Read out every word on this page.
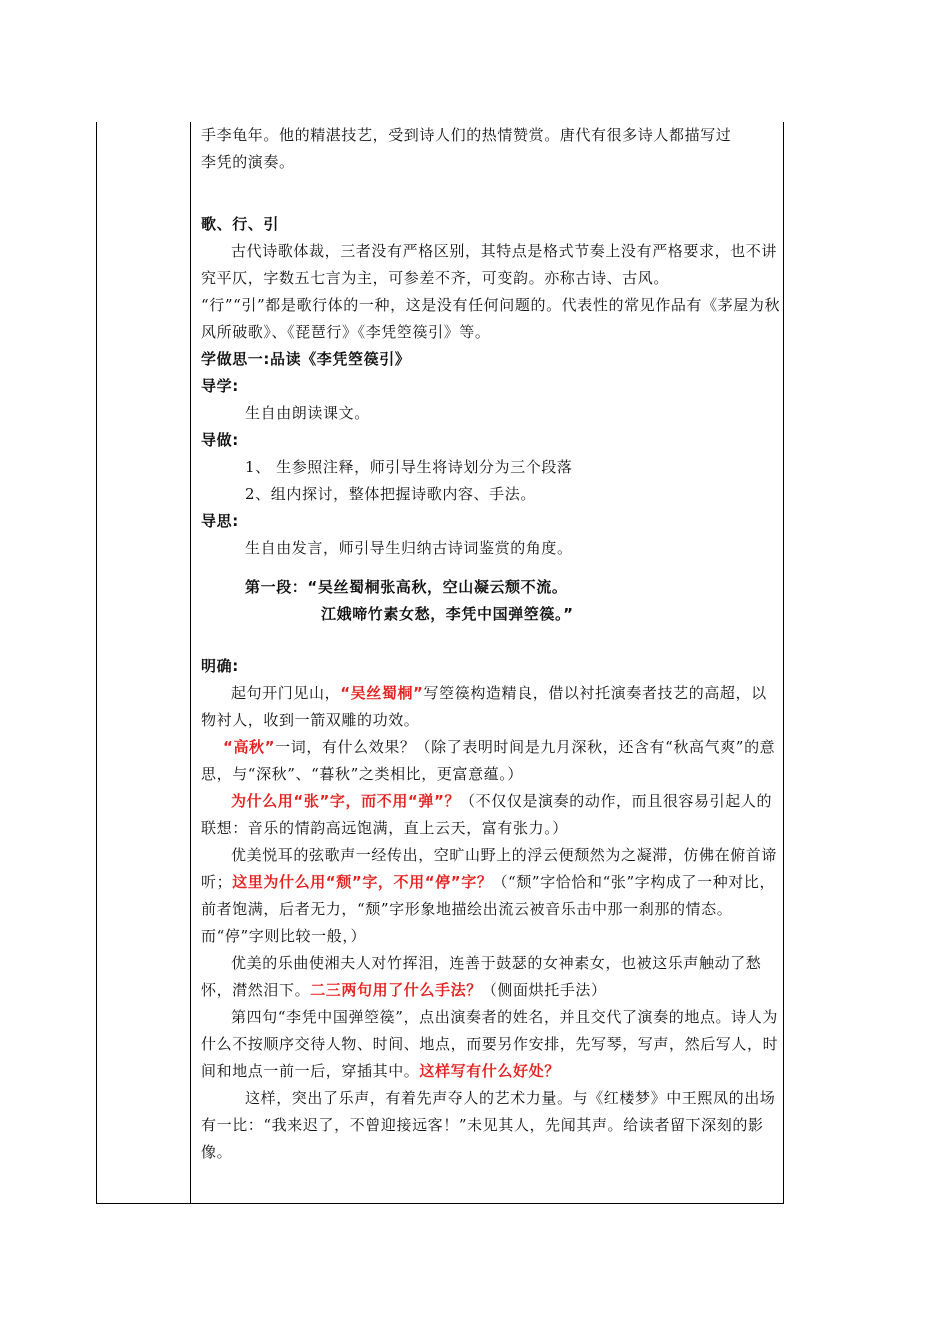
手李龟年。他的精湛技艺，受到诗人们的热情赞赏。唐代有很多诗人都描写过

李凭的演奏。

歌、行、引

古代诗歌体裁，三者没有严格区别，其特点是格式节奏上没有严格要求，也不讲究平仄，字数五七言为主，可参差不齐，可变韵。亦称古诗、古风。

“行”“引”都是歌行体的一种，这是没有任何问题的。代表性的常见作品有《茅屋为秋风所破歌》、《琵琶行》《李凭箜篌引》等。

学做思一:品读《李凭箜篌引》

导学:

生自由朗读课文。

导做:

1、 生参照注释，师引导生将诗划分为三个段落

2、组内探讨，整体把握诗歌内容、手法。

导思:

生自由发言，师引导生归纳古诗词鉴赏的角度。

第一段：“吴丝蜀桐张高秋，空山凝云颓不流。

江娥啼竹素女愁，李凭中国弹箜篌。”

明确:

起句开门见山，“吴丝蜀桐”写箜篌构造精良，借以衬托演奏者技艺的高超，以物衬人，收到一箭双雕的功效。

“高秋”一词，有什么效果？（除了表明时间是九月深秋，还含有“秋高气爽”的意思，与“深秋”、“暮秋”之类相比，更富意蕴。）

为什么用“张”字，而不用“弹”？（不仅仅是演奏的动作，而且很容易引起人的联想：音乐的情韵高远饱满，直上云天，富有张力。）

优美悦耳的弦歌声一经传出，空旷山野上的浮云便颓然为之凝滞，仿佛在俯首谛听；这里为什么用“颓”字，不用“停”字？（“颓”字恰恰和“张”字构成了一种对比，前者饱满，后者无力，“颓”字形象地描绘出流云被音乐击中那一刹那的情态。而“停”字则比较一般，）

优美的乐曲使湘夫人对竹挥泪，连善于鼓瑟的女神素女，也被这乐声触动了愁怀，潸然泪下。二三两句用了什么手法？（侧面烘托手法）

第四句“李凭中国弹箜篌”，点出演奏者的姓名，并且交代了演奏的地点。诗人为什么不按顺序交待人物、时间、地点，而要另作安排，先写琴，写声，然后写人，时间和地点一前一后，穿插其中。这样写有什么好处？

这样，突出了乐声，有着先声夺人的艺术力量。与《红楼梦》中王熙凤的出场有一比：“我来迟了，不曾迎接远客！”未见其人，先闻其声。给读者留下深刻的影像。
